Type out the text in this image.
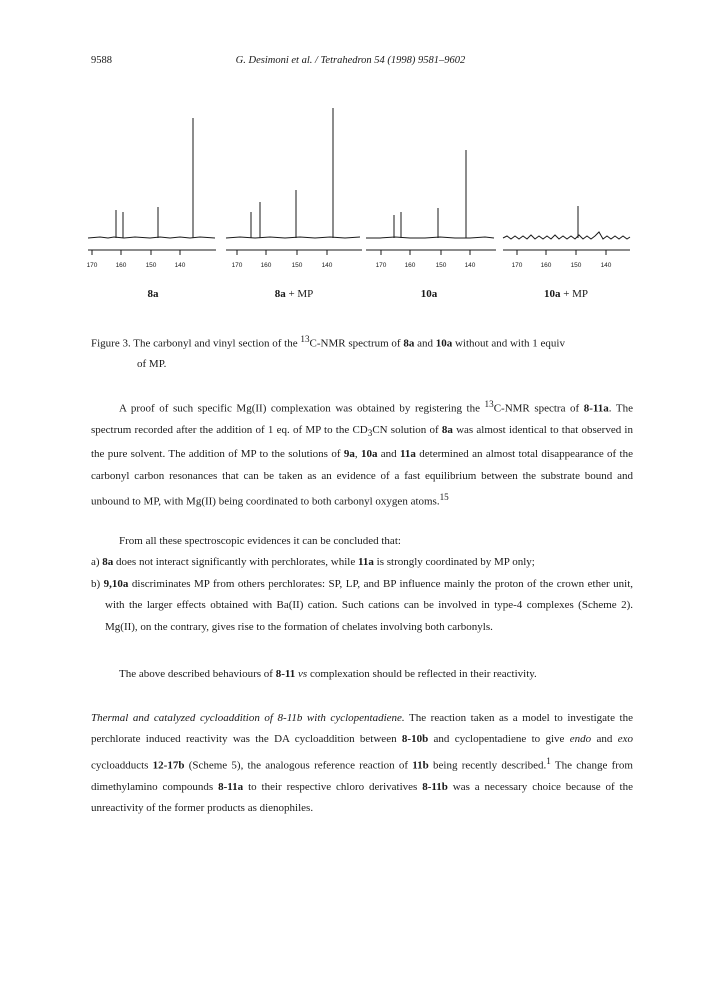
9588	G. Desimoni et al. / Tetrahedron 54 (1998) 9581–9602
170	160	150	140	170	160	150	140	170	160	150	140	170	160	150	140
8a	8a + MP	10a	10a + MP
Figure 3. The carbonyl and vinyl section of the $^{13}$C-NMR spectrum of 8a and 10a without and with 1 equiv
of MP.
A proof of such specific Mg(II) complexation was obtained by registering the $^{13}$C-NMR spectra of 8-11a. The spectrum recorded after the addition of 1 eq. of MP to the $CD_3CN$ solution of 8a was almost identical to that observed in the pure solvent. The addition of MP to the solutions of 9a, 10a and 11a determined an almost total disappearance of the carbonyl carbon resonances that can be taken as an evidence of a fast equilibrium between the substrate bound and unbound to MP, with Mg(II) being coordinated to both carbonyl oxygen atoms.$^{15}$
From all these spectroscopic evidences it can be concluded that:
a) 8a does not interact significantly with perchlorates, while 11a is strongly coordinated by MP only;
b) 9,10a discriminates MP from others perchlorates: SP, LP, and BP influence mainly the proton of the crown ether unit, with the larger effects obtained with Ba(II) cation. Such cations can be involved in type-4 complexes (Scheme 2). Mg(II), on the contrary, gives rise to the formation of chelates involving both carbonyls.
The above described behaviours of 8-11 vs complexation should be reflected in their reactivity.
Thermal and catalyzed cycloaddition of 8-11b with cyclopentadiene. The reaction taken as a model to investigate the perchlorate induced reactivity was the DA cycloaddition between 8-10b and cyclopentadiene to give endo and exo cycloadducts 12-17b (Scheme 5), the analogous reference reaction of 11b being recently described.$^1$ The change from dimethylamino compounds 8-11a to their respective chloro derivatives 8-11b was a necessary choice because of the unreactivity of the former products as dienophiles.
